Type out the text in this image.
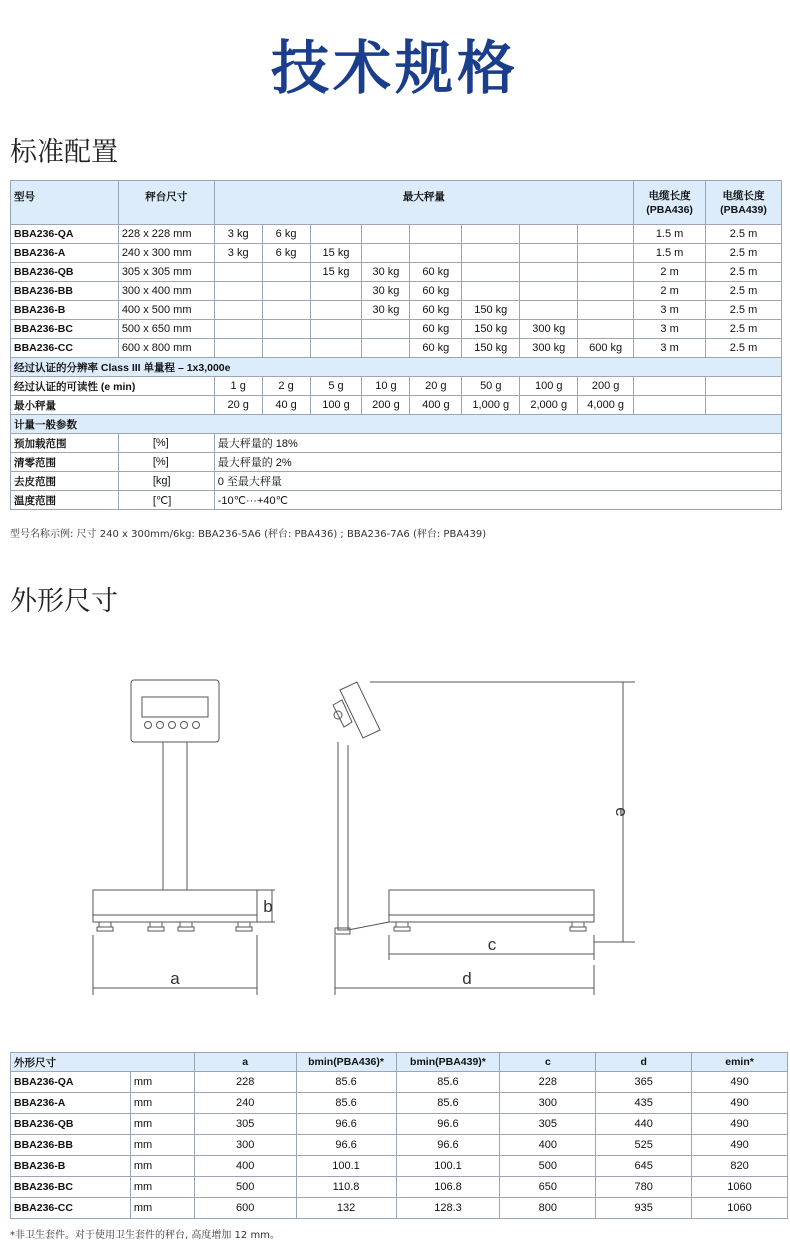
技术规格
标准配置
型号	秤台尺寸	最大秤量								电缆长度
(PBA436)	电缆长度
(PBA439)
BBA236-QA	228 x 228 mm	3 kg	6 kg							1.5 m	2.5 m
BBA236-A	240 x 300 mm	3 kg	6 kg	15 kg						1.5 m	2.5 m
BBA236-QB	305 x 305 mm			15 kg	30 kg	60 kg				2 m	2.5 m
BBA236-BB	300 x 400 mm				30 kg	60 kg				2 m	2.5 m
BBA236-B	400 x 500 mm				30 kg	60 kg	150 kg			3 m	2.5 m
BBA236-BC	500 x 650 mm					60 kg	150 kg	300 kg		3 m	2.5 m
BBA236-CC	600 x 800 mm					60 kg	150 kg	300 kg	600 kg	3 m	2.5 m
经过认证的分辨率 Class III 单量程 – 1x3,000e											
经过认证的可读性 (e min)		1 g	2 g	5 g	10 g	20 g	50 g	100 g	200 g		
最小秤量		20 g	40 g	100 g	200 g	400 g	1,000 g	2,000 g	4,000 g		
计量一般参数											
预加载范围	[%]	最大秤量的 18%									
清零范围	[%]	最大秤量的 2%									
去皮范围	[kg]	0 至最大秤量									
温度范围	[℃]	-10℃···+40℃									
型号名称示例: 尺寸 240 x 300mm/6kg: BBA236-5A6 (秤台: PBA436) ; BBA236-7A6 (秤台: PBA439)
外形尺寸
a
b
c
d
e
外形尺寸		a	bmin(PBA436)*	bmin(PBA439)*	c	d	emin*
BBA236-QA	mm	228	85.6	85.6	228	365	490
BBA236-A	mm	240	85.6	85.6	300	435	490
BBA236-QB	mm	305	96.6	96.6	305	440	490
BBA236-BB	mm	300	96.6	96.6	400	525	490
BBA236-B	mm	400	100.1	100.1	500	645	820
BBA236-BC	mm	500	110.8	106.8	650	780	1060
BBA236-CC	mm	600	132	128.3	800	935	1060
*非卫生套件。对于使用卫生套件的秤台, 高度增加 12 mm。
